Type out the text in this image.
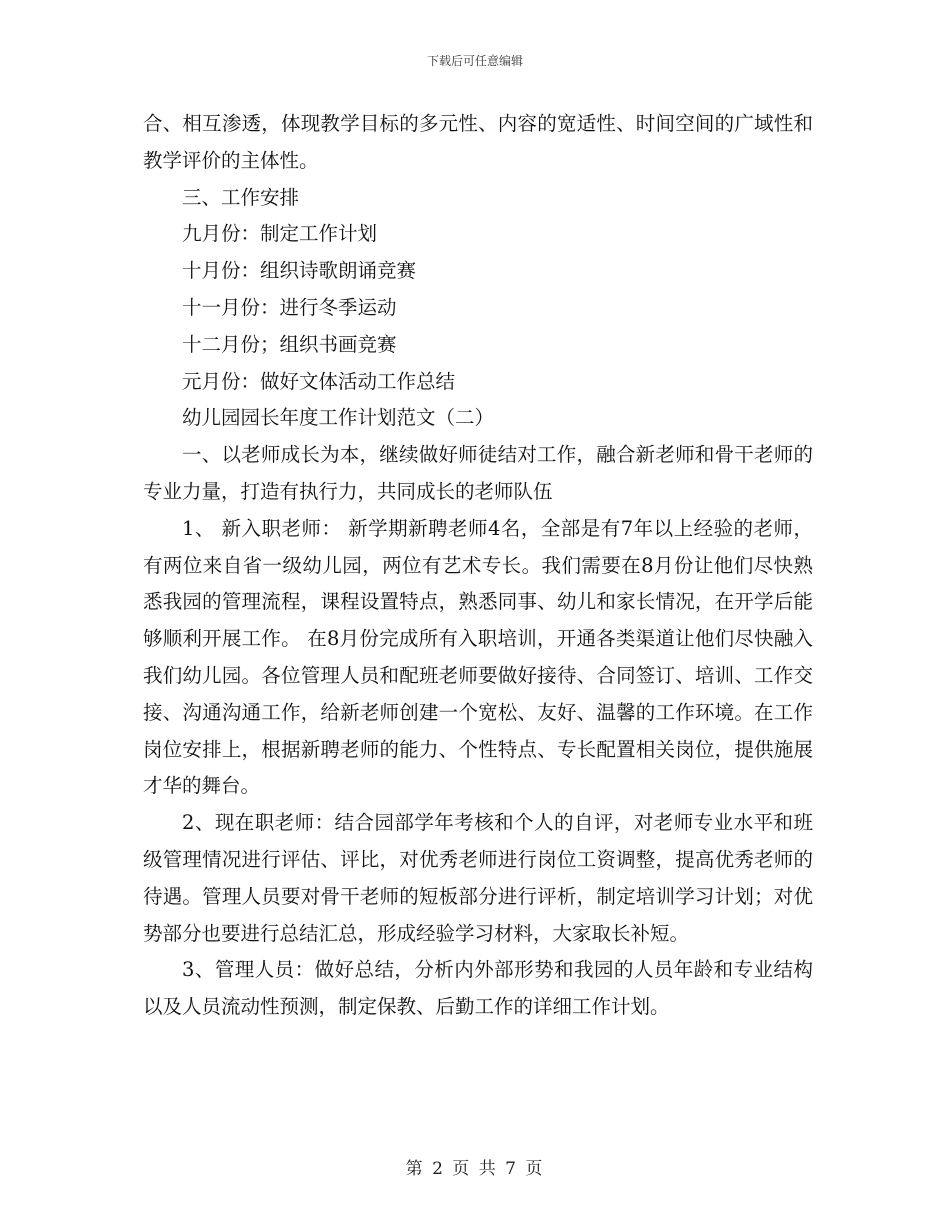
下载后可任意编辑

合、相互渗透，体现教学目标的多元性、内容的宽适性、时间空间的广域性和教学评价的主体性。

三、工作安排

九月份：制定工作计划

十月份：组织诗歌朗诵竞赛

十一月份：进行冬季运动

十二月份；组织书画竞赛

元月份：做好文体活动工作总结

幼儿园园长年度工作计划范文（二）

一、以老师成长为本，继续做好师徒结对工作，融合新老师和骨干老师的专业力量，打造有执行力，共同成长的老师队伍

1、 新入职老师： 新学期新聘老师4名，全部是有7年以上经验的老师，有两位来自省一级幼儿园，两位有艺术专长。我们需要在8月份让他们尽快熟悉我园的管理流程，课程设置特点，熟悉同事、幼儿和家长情况，在开学后能够顺利开展工作。 在8月份完成所有入职培训，开通各类渠道让他们尽快融入我们幼儿园。各位管理人员和配班老师要做好接待、合同签订、培训、工作交接、沟通沟通工作，给新老师创建一个宽松、友好、温馨的工作环境。在工作岗位安排上，根据新聘老师的能力、个性特点、专长配置相关岗位，提供施展才华的舞台。

2、现在职老师：结合园部学年考核和个人的自评，对老师专业水平和班级管理情况进行评估、评比，对优秀老师进行岗位工资调整，提高优秀老师的待遇。管理人员要对骨干老师的短板部分进行评析，制定培训学习计划；对优势部分也要进行总结汇总，形成经验学习材料，大家取长补短。

3、管理人员：做好总结，分析内外部形势和我园的人员年龄和专业结构以及人员流动性预测，制定保教、后勤工作的详细工作计划。

第 2 页 共 7 页
